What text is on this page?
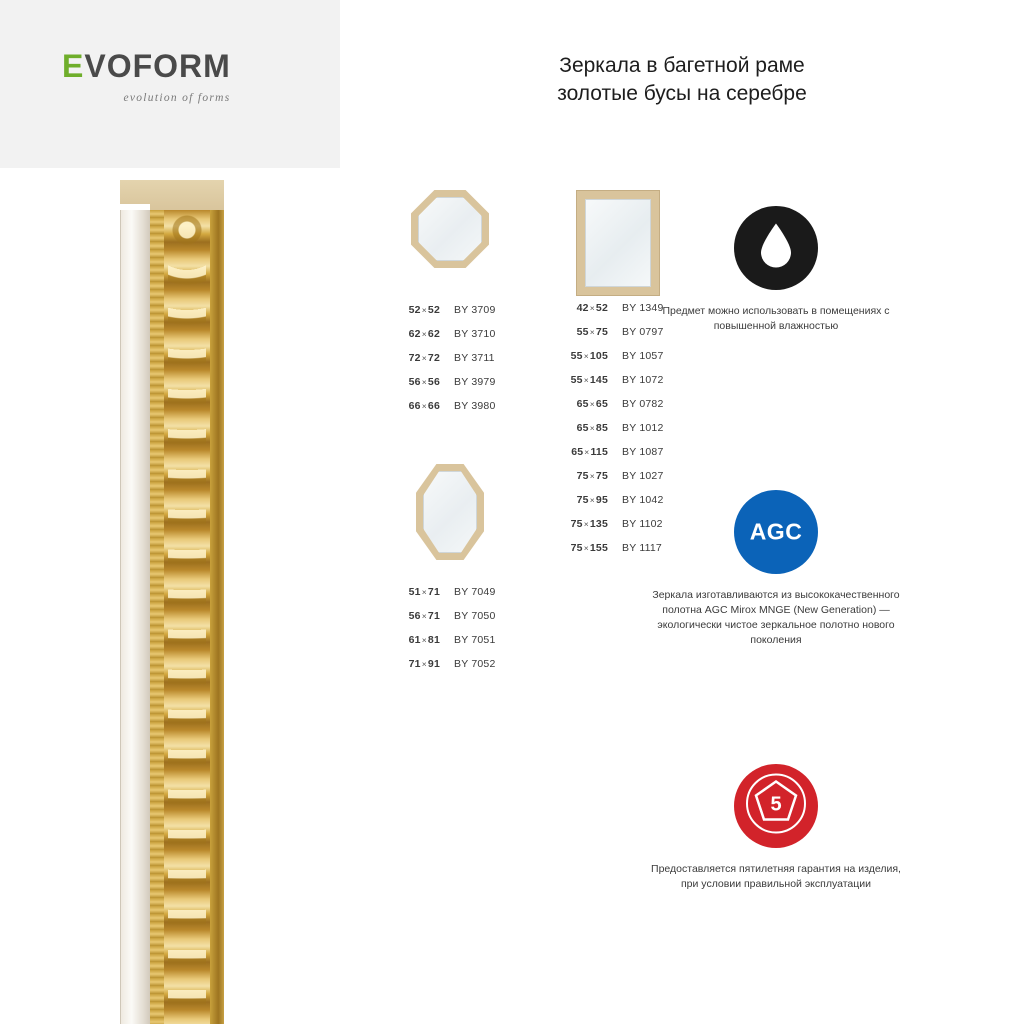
EVOFORM
evolution of forms
Зеркала в багетной раме
золотые бусы на серебре
52×52	BY 3709
62×62	BY 3710
72×72	BY 3711
56×56	BY 3979
66×66	BY 3980
51×71	BY 7049
56×71	BY 7050
61×81	BY 7051
71×91	BY 7052
42×52	BY 1349
55×75	BY 0797
55×105	BY 1057
55×145	BY 1072
65×65	BY 0782
65×85	BY 1012
65×115	BY 1087
75×75	BY 1027
75×95	BY 1042
75×135	BY 1102
75×155	BY 1117
Предмет можно использовать в помещениях с повышенной влажностью
AGC
Зеркала изготавливаются из высококачественного полотна AGC Mirox MNGE (New Generation) — экологически чистое зеркальное полотно нового поколения
5
Предоставляется пятилетняя гарантия на изделия, при условии правильной эксплуатации
